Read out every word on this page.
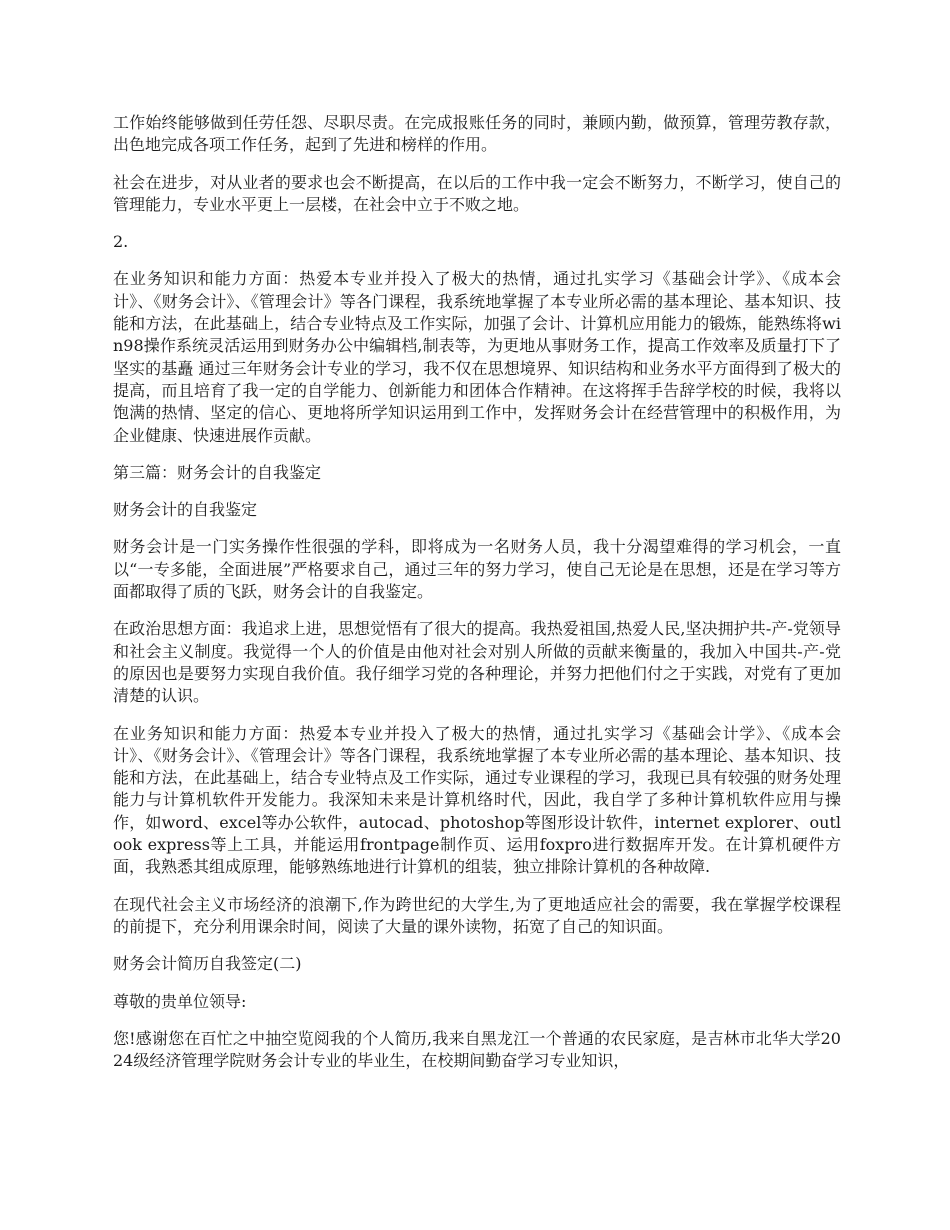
工作始终能够做到任劳任怨、尽职尽责。在完成报账任务的同时，兼顾内勤，做预算，管理劳教存款，出色地完成各项工作任务，起到了先进和榜样的作用。

社会在进步，对从业者的要求也会不断提高，在以后的工作中我一定会不断努力，不断学习，使自己的管理能力，专业水平更上一层楼，在社会中立于不败之地。

2.

在业务知识和能力方面：热爱本专业并投入了极大的热情，通过扎实学习《基础会计学》、《成本会计》、《财务会计》、《管理会计》等各门课程，我系统地掌握了本专业所必需的基本理论、基本知识、技能和方法，在此基础上，结合专业特点及工作实际，加强了会计、计算机应用能力的锻炼，能熟练将win98操作系统灵活运用到财务办公中编辑档,制表等，为更地从事财务工作，提高工作效率及质量打下了坚实的基矗 通过三年财务会计专业的学习，我不仅在思想境界、知识结构和业务水平方面得到了极大的提高，而且培育了我一定的自学能力、创新能力和团体合作精神。在这将挥手告辞学校的时候，我将以饱满的热情、坚定的信心、更地将所学知识运用到工作中，发挥财务会计在经营管理中的积极作用，为企业健康、快速进展作贡献。

第三篇：财务会计的自我鉴定

财务会计的自我鉴定

财务会计是一门实务操作性很强的学科，即将成为一名财务人员，我十分渴望难得的学习机会，一直以“一专多能，全面进展”严格要求自己，通过三年的努力学习，使自己无论是在思想，还是在学习等方面都取得了质的飞跃，财务会计的自我鉴定。

在政治思想方面：我追求上进，思想觉悟有了很大的提高。我热爱祖国,热爱人民,坚决拥护共-产-党领导和社会主义制度。我觉得一个人的价值是由他对社会对别人所做的贡献来衡量的，我加入中国共-产-党的原因也是要努力实现自我价值。我仔细学习党的各种理论，并努力把他们付之于实践，对党有了更加清楚的认识。

在业务知识和能力方面：热爱本专业并投入了极大的热情，通过扎实学习《基础会计学》、《成本会计》、《财务会计》、《管理会计》等各门课程，我系统地掌握了本专业所必需的基本理论、基本知识、技能和方法，在此基础上，结合专业特点及工作实际，通过专业课程的学习，我现已具有较强的财务处理能力与计算机软件开发能力。我深知未来是计算机络时代，因此，我自学了多种计算机软件应用与操作，如word、excel等办公软件，autocad、photoshop等图形设计软件，internet explorer、outlook express等上工具，并能运用frontpage制作页、运用foxpro进行数据库开发。在计算机硬件方面，我熟悉其组成原理，能够熟练地进行计算机的组装，独立排除计算机的各种故障.

在现代社会主义市场经济的浪潮下,作为跨世纪的大学生,为了更地适应社会的需要，我在掌握学校课程的前提下，充分利用课余时间，阅读了大量的课外读物，拓宽了自己的知识面。

财务会计简历自我签定(二)

尊敬的贵单位领导:

您!感谢您在百忙之中抽空览阅我的个人简历,我来自黑龙江一个普通的农民家庭，是吉林市北华大学2024级经济管理学院财务会计专业的毕业生，在校期间勤奋学习专业知识，
